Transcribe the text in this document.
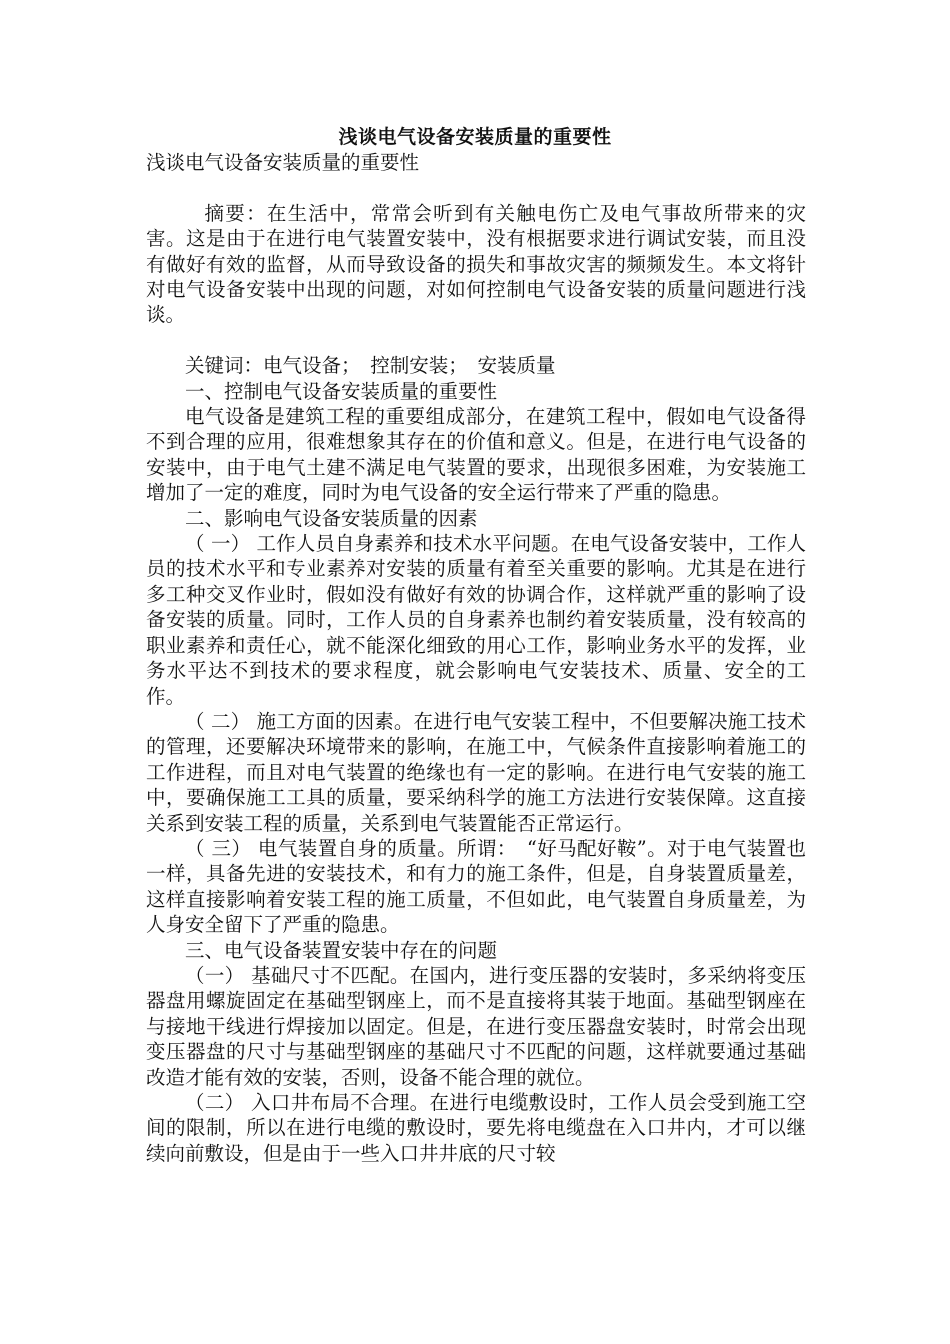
浅谈电气设备安装质量的重要性

浅谈电气设备安装质量的重要性

摘要：在生活中，常常会听到有关触电伤亡及电气事故所带来的灾害。这是由于在进行电气装置安装中，没有根据要求进行调试安装，而且没有做好有效的监督，从而导致设备的损失和事故灾害的频频发生。本文将针对电气设备安装中出现的问题，对如何控制电气设备安装的质量问题进行浅谈。

关键词：电气设备；　控制安装；　安装质量

一、控制电气设备安装质量的重要性

电气设备是建筑工程的重要组成部分，在建筑工程中，假如电气设备得不到合理的应用，很难想象其存在的价值和意义。但是，在进行电气设备的安装中，由于电气土建不满足电气装置的要求，出现很多困难，为安装施工增加了一定的难度，同时为电气设备的安全运行带来了严重的隐患。

二、影响电气设备安装质量的因素

（ 一） 工作人员自身素养和技术水平问题。在电气设备安装中，工作人员的技术水平和专业素养对安装的质量有着至关重要的影响。尤其是在进行多工种交叉作业时，假如没有做好有效的协调合作，这样就严重的影响了设备安装的质量。同时，工作人员的自身素养也制约着安装质量，没有较高的职业素养和责任心，就不能深化细致的用心工作，影响业务水平的发挥，业务水平达不到技术的要求程度，就会影响电气安装技术、质量、安全的工作。

（ 二） 施工方面的因素。在进行电气安装工程中，不但要解决施工技术的管理，还要解决环境带来的影响，在施工中，气候条件直接影响着施工的工作进程，而且对电气装置的绝缘也有一定的影响。在进行电气安装的施工中，要确保施工工具的质量，要采纳科学的施工方法进行安装保障。这直接关系到安装工程的质量，关系到电气装置能否正常运行。

（ 三） 电气装置自身的质量。所谓：　“好马配好鞍”。对于电气装置也一样，具备先进的安装技术，和有力的施工条件，但是，自身装置质量差，这样直接影响着安装工程的施工质量，不但如此，电气装置自身质量差，为人身安全留下了严重的隐患。

三、电气设备装置安装中存在的问题

（一） 基础尺寸不匹配。在国内，进行变压器的安装时，多采纳将变压器盘用螺旋固定在基础型钢座上，而不是直接将其装于地面。基础型钢座在与接地干线进行焊接加以固定。但是，在进行变压器盘安装时，时常会出现变压器盘的尺寸与基础型钢座的基础尺寸不匹配的问题，这样就要通过基础改造才能有效的安装，否则，设备不能合理的就位。

（二） 入口井布局不合理。在进行电缆敷设时，工作人员会受到施工空间的限制，所以在进行电缆的敷设时，要先将电缆盘在入口井内，才可以继续向前敷设，但是由于一些入口井井底的尺寸较
